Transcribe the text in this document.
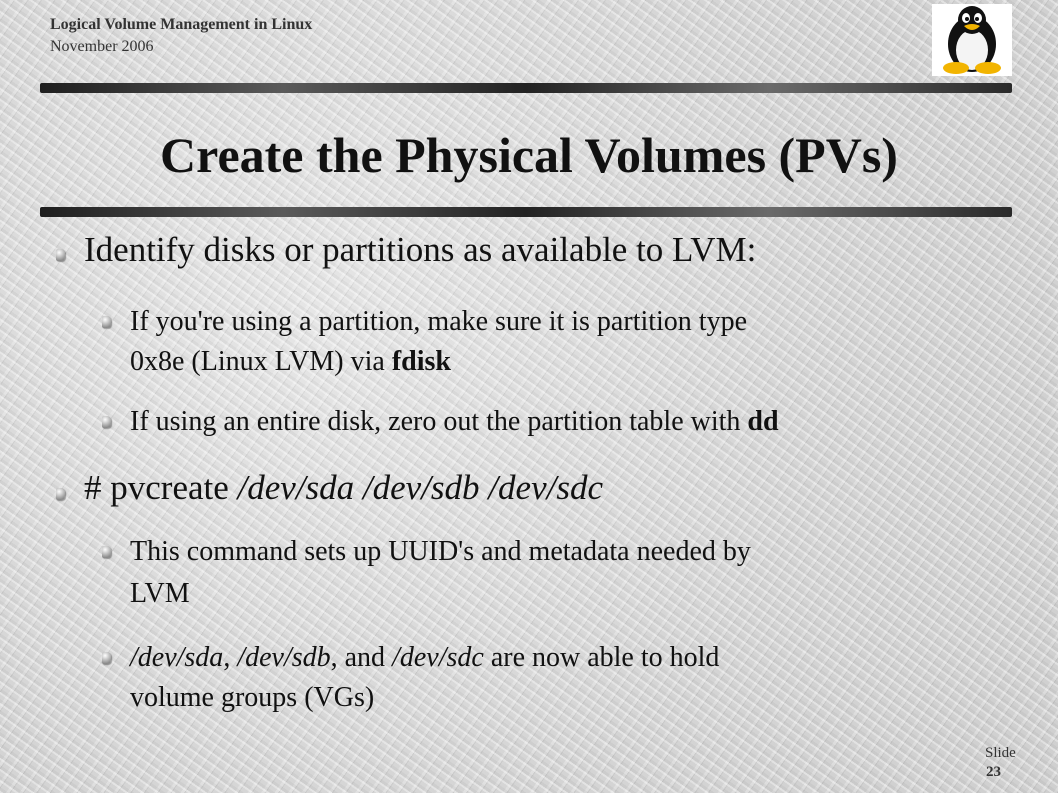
Logical Volume Management in Linux
November 2006
Create the Physical Volumes (PVs)
Identify disks or partitions as available to LVM:
If you're using a partition, make sure it is partition type
0x8e (Linux LVM) via fdisk
If using an entire disk, zero out the partition table with dd
# pvcreate /dev/sda /dev/sdb /dev/sdc
This command sets up UUID's and metadata needed by
LVM
/dev/sda, /dev/sdb, and /dev/sdc are now able to hold
volume groups (VGs)
Slide
23
